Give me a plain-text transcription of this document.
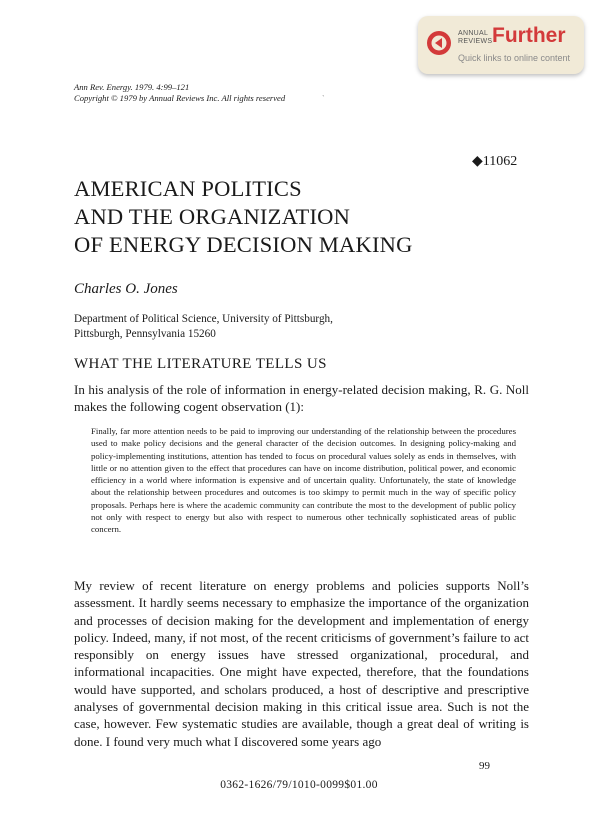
ANNUAL
REVIEWS Further
Quick links to online content
Ann Rev. Energy. 1979. 4:99–121
Copyright © 1979 by Annual Reviews Inc. All rights reserved	`
◆11062
AMERICAN POLITICS
AND THE ORGANIZATION
OF ENERGY DECISION MAKING
Charles O. Jones
Department of Political Science, University of Pittsburgh,
Pittsburgh, Pennsylvania 15260
WHAT THE LITERATURE TELLS US
In his analysis of the role of information in energy-related decision making, R. G. Noll makes the following cogent observation (1):
Finally, far more attention needs to be paid to improving our understanding of the relationship between the procedures used to make policy decisions and the general character of the decision outcomes. In designing policy-making and policy-implementing institutions, attention has tended to focus on procedural values solely as ends in themselves, with little or no attention given to the effect that procedures can have on income distribution, political power, and economic efficiency in a world where information is expensive and of uncertain quality. Unfortunately, the state of knowledge about the relationship between procedures and outcomes is too skimpy to permit much in the way of specific policy proposals. Perhaps here is where the academic community can contribute the most to the development of public policy not only with respect to energy but also with respect to numerous other technically sophisticated areas of public concern.
My review of recent literature on energy problems and policies supports Noll’s assessment. It hardly seems necessary to emphasize the importance of the organization and processes of decision making for the development and implementation of energy policy. Indeed, many, if not most, of the recent criticisms of government’s failure to act responsibly on energy issues have stressed organizational, procedural, and informational incapacities. One might have expected, therefore, that the foundations would have supported, and scholars produced, a host of descriptive and prescriptive analyses of governmental decision making in this critical issue area. Such is not the case, however. Few systematic studies are available, though a great deal of writing is done. I found very much what I discovered some years ago
99
0362-1626/79/1010-0099$01.00
